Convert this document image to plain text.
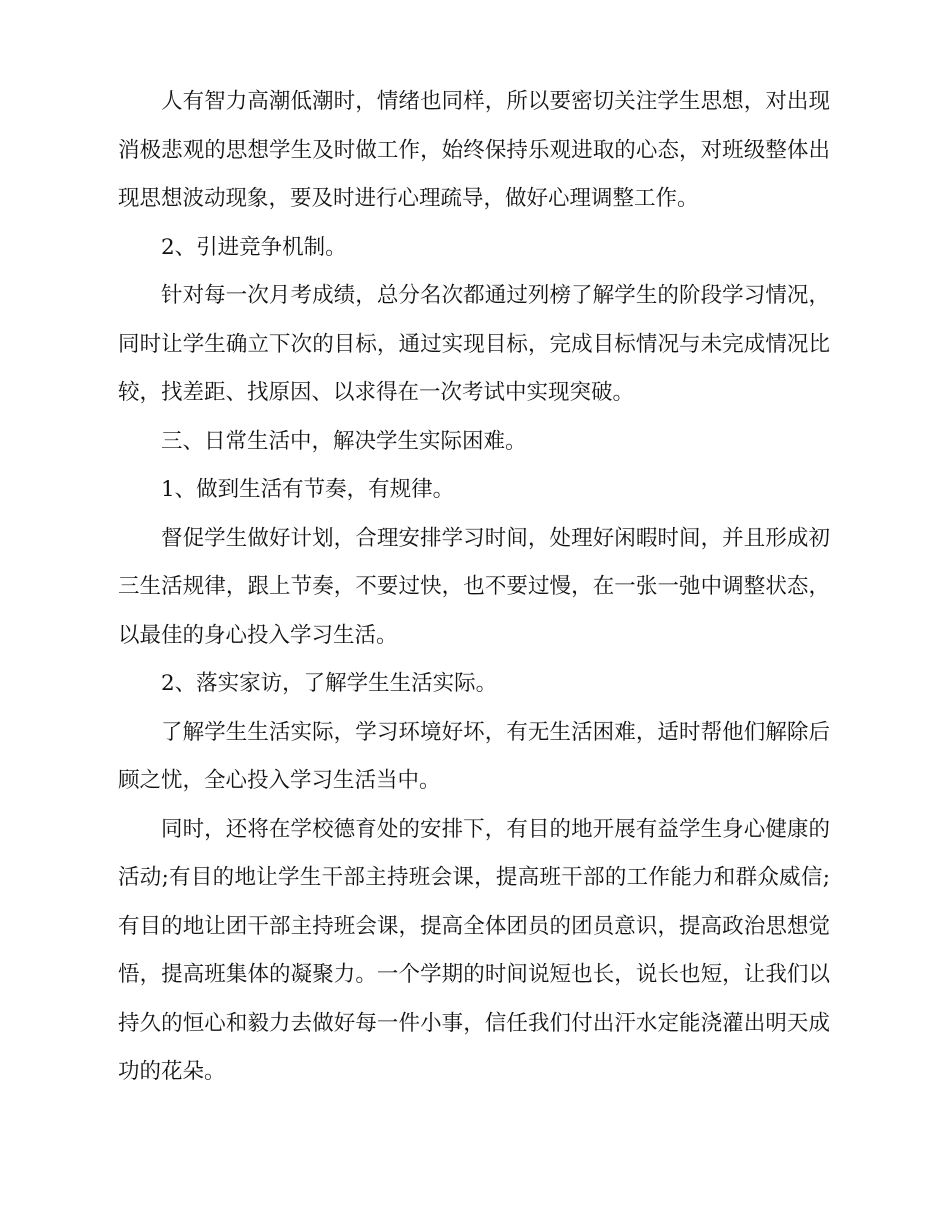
人有智力高潮低潮时，情绪也同样，所以要密切关注学生思想，对出现消极悲观的思想学生及时做工作，始终保持乐观进取的心态，对班级整体出现思想波动现象，要及时进行心理疏导，做好心理调整工作。

2、引进竞争机制。

针对每一次月考成绩，总分名次都通过列榜了解学生的阶段学习情况，同时让学生确立下次的目标，通过实现目标，完成目标情况与未完成情况比较，找差距、找原因、以求得在一次考试中实现突破。

三、日常生活中，解决学生实际困难。

1、做到生活有节奏，有规律。

督促学生做好计划，合理安排学习时间，处理好闲暇时间，并且形成初三生活规律，跟上节奏，不要过快，也不要过慢，在一张一弛中调整状态，以最佳的身心投入学习生活。

2、落实家访，了解学生生活实际。

了解学生生活实际，学习环境好坏，有无生活困难，适时帮他们解除后顾之忧，全心投入学习生活当中。

同时，还将在学校德育处的安排下，有目的地开展有益学生身心健康的活动;有目的地让学生干部主持班会课，提高班干部的工作能力和群众威信;有目的地让团干部主持班会课，提高全体团员的团员意识，提高政治思想觉悟，提高班集体的凝聚力。一个学期的时间说短也长，说长也短，让我们以持久的恒心和毅力去做好每一件小事，信任我们付出汗水定能浇灌出明天成功的花朵。
